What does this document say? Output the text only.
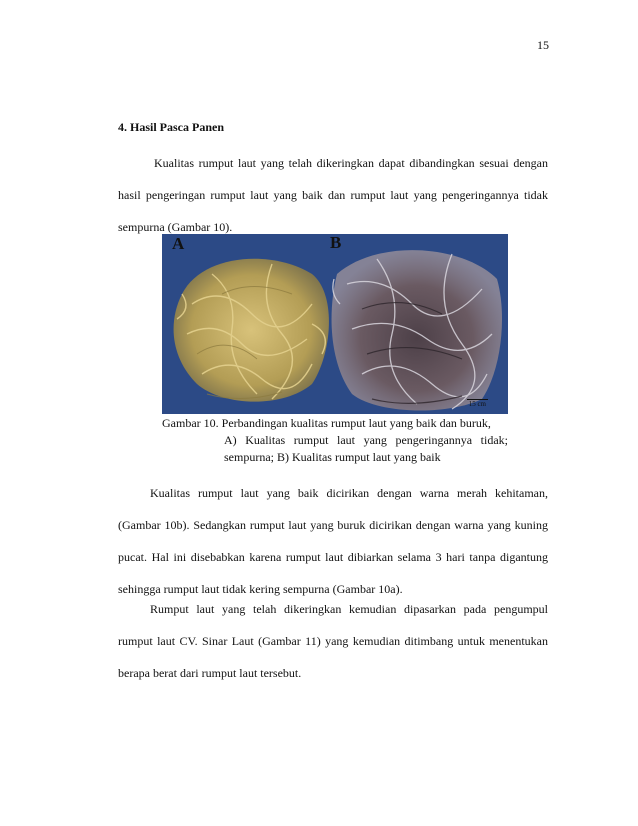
15
4. Hasil Pasca Panen

Kualitas rumput laut yang telah dikeringkan dapat dibandingkan sesuai dengan hasil pengeringan rumput laut yang baik dan rumput laut yang pengeringannya tidak sempurna (Gambar 10).

A	B
15 cm
Gambar 10. Perbandingan kualitas rumput laut yang baik dan buruk,
A) Kualitas rumput laut yang pengeringannya tidak; sempurna; B) Kualitas rumput laut yang baik

Kualitas rumput laut yang baik dicirikan dengan warna merah kehitaman, (Gambar 10b). Sedangkan rumput laut yang buruk dicirikan dengan warna yang kuning pucat. Hal ini disebabkan karena rumput laut dibiarkan selama 3 hari tanpa digantung sehingga rumput laut tidak kering sempurna (Gambar 10a).

Rumput laut yang telah dikeringkan kemudian dipasarkan pada pengumpul rumput laut CV. Sinar Laut (Gambar 11) yang kemudian ditimbang untuk menentukan berapa berat dari rumput laut tersebut.
